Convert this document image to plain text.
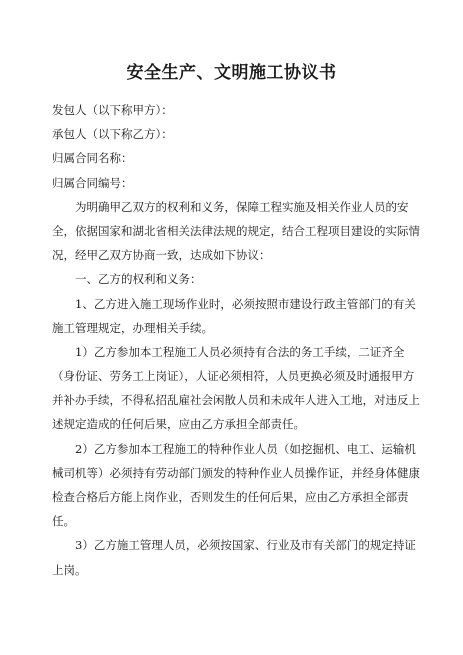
安全生产、文明施工协议书
发包人（以下称甲方）：
承包人（以下称乙方）：
归属合同名称：
归属合同编号：
为明确甲乙双方的权利和义务，保障工程实施及相关作业人员的安
全，依据国家和湖北省相关法律法规的规定，结合工程项目建设的实际情
况，经甲乙双方协商一致，达成如下协议：
一、乙方的权利和义务：
1、乙方进入施工现场作业时，必须按照市建设行政主管部门的有关
施工管理规定，办理相关手续。
1）乙方参加本工程施工人员必须持有合法的务工手续，二证齐全
（身份证、劳务工上岗证），人证必须相符，人员更换必须及时通报甲方
并补办手续，不得私招乱雇社会闲散人员和未成年人进入工地，对违反上
述规定造成的任何后果，应由乙方承担全部责任。
2）乙方参加本工程施工的特种作业人员（如挖掘机、电工、运输机
械司机等）必须持有劳动部门颁发的特种作业人员操作证，并经身体健康
检查合格后方能上岗作业，否则发生的任何后果，应由乙方承担全部责
任。
3）乙方施工管理人员，必须按国家、行业及市有关部门的规定持证
上岗。
